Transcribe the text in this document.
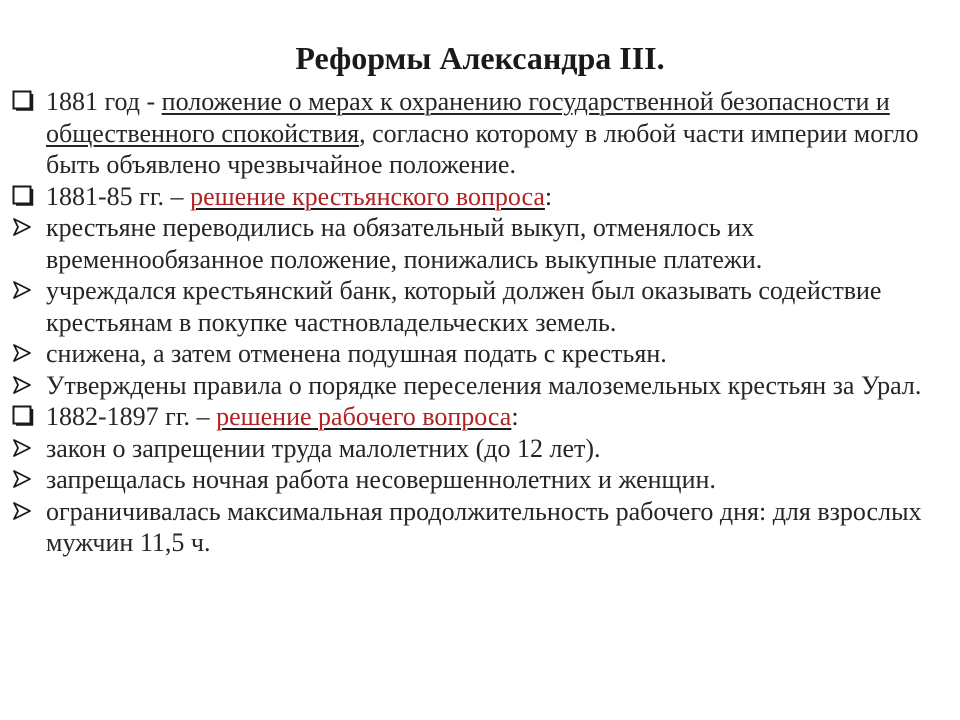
Реформы Александра III.
1881 год - положение о мерах к охранению государственной безопасности и общественного спокойствия, согласно которому в любой части империи могло быть объявлено чрезвычайное положение.
1881-85 гг. – решение крестьянского вопроса:
крестьяне переводились на обязательный выкуп, отменялось их временнообязанное положение, понижались выкупные платежи.
учреждался крестьянский банк, который должен был оказывать содействие крестьянам в покупке частновладельческих земель.
снижена, а затем отменена подушная подать с крестьян.
Утверждены правила о порядке переселения малоземельных крестьян за Урал.
1882-1897 гг. – решение рабочего вопроса:
закон о запрещении труда малолетних (до 12 лет).
запрещалась ночная работа несовершеннолетних и женщин.
ограничивалась максимальная продолжительность рабочего дня: для взрослых мужчин 11,5 ч.
